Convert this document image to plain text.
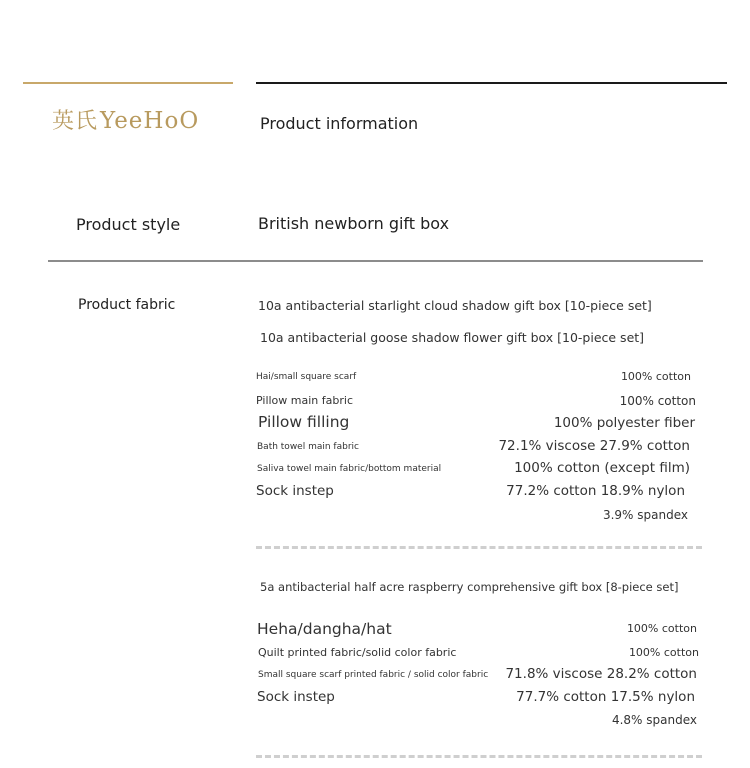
英氏YeeHoO	Product information
Product style	British newborn gift box
Product fabric	10a antibacterial starlight cloud shadow gift box [10-piece set]
10a antibacterial goose shadow flower gift box [10-piece set]
Hai/small square scarf	100% cotton
Pillow main fabric	100% cotton
Pillow filling	100% polyester fiber
Bath towel main fabric	72.1% viscose 27.9% cotton
Saliva towel main fabric/bottom material	100% cotton (except film)
Sock instep	77.2% cotton 18.9% nylon
3.9% spandex
5a antibacterial half acre raspberry comprehensive gift box [8-piece set]
Heha/dangha/hat	100% cotton
Quilt printed fabric/solid color fabric	100% cotton
Small square scarf printed fabric / solid color fabric 71.8% viscose 28.2% cotton
Sock instep	77.7% cotton 17.5% nylon
4.8% spandex
